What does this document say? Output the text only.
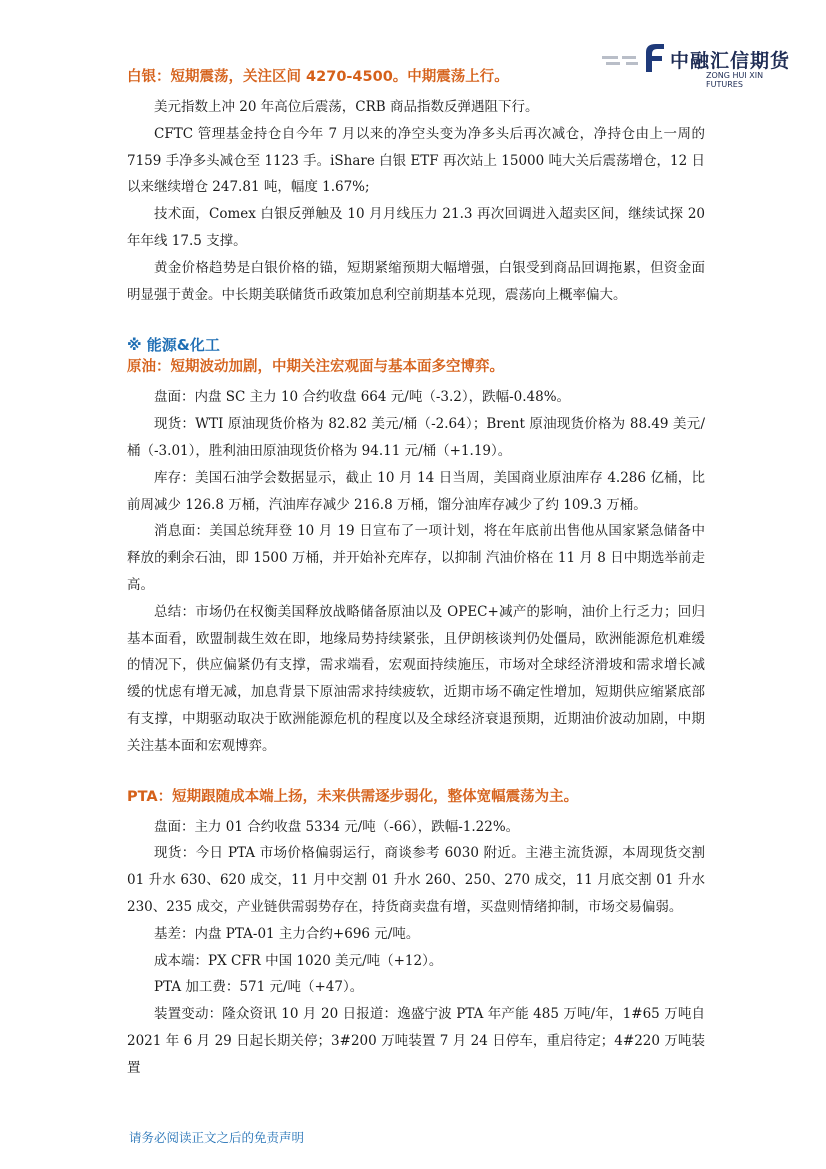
中融汇信期货
ZONG HUI XIN FUTURES
白银：短期震荡，关注区间 4270-4500。中期震荡上行。

美元指数上冲 20 年高位后震荡，CRB 商品指数反弹遇阻下行。

CFTC 管理基金持仓自今年 7 月以来的净空头变为净多头后再次减仓，净持仓由上一周的 7159 手净多头减仓至 1123 手。iShare 白银 ETF 再次站上 15000 吨大关后震荡增仓，12 日以来继续增仓 247.81 吨，幅度 1.67%;

技术面，Comex 白银反弹触及 10 月月线压力 21.3 再次回调进入超卖区间，继续试探 20 年年线 17.5 支撑。

黄金价格趋势是白银价格的锚，短期紧缩预期大幅增强，白银受到商品回调拖累，但资金面明显强于黄金。中长期美联储货币政策加息利空前期基本兑现，震荡向上概率偏大。

※ 能源&化工
原油：短期波动加剧，中期关注宏观面与基本面多空博弈。

盘面：内盘 SC 主力 10 合约收盘 664 元/吨（-3.2），跌幅-0.48%。

现货：WTI 原油现货价格为 82.82 美元/桶（-2.64）；Brent 原油现货价格为 88.49 美元/桶（-3.01），胜利油田原油现货价格为 94.11 元/桶（+1.19）。

库存：美国石油学会数据显示，截止 10 月 14 日当周，美国商业原油库存 4.286 亿桶，比前周减少 126.8 万桶，汽油库存减少 216.8 万桶，馏分油库存减少了约 109.3 万桶。

消息面：美国总统拜登 10 月 19 日宣布了一项计划，将在年底前出售他从国家紧急储备中释放的剩余石油，即 1500 万桶，并开始补充库存，以抑制 汽油价格在 11 月 8 日中期选举前走高。

总结：市场仍在权衡美国释放战略储备原油以及 OPEC+减产的影响，油价上行乏力；回归基本面看，欧盟制裁生效在即，地缘局势持续紧张，且伊朗核谈判仍处僵局，欧洲能源危机难缓的情况下，供应偏紧仍有支撑，需求端看，宏观面持续施压，市场对全球经济滑坡和需求增长减缓的忧虑有增无减，加息背景下原油需求持续疲软，近期市场不确定性增加，短期供应缩紧底部有支撑，中期驱动取决于欧洲能源危机的程度以及全球经济衰退预期，近期油价波动加剧，中期关注基本面和宏观博弈。

PTA：短期跟随成本端上扬，未来供需逐步弱化，整体宽幅震荡为主。

盘面：主力 01 合约收盘 5334 元/吨（-66），跌幅-1.22%。

现货：今日 PTA 市场价格偏弱运行，商谈参考 6030 附近。主港主流货源，本周现货交割 01 升水 630、620 成交，11 月中交割 01 升水 260、250、270 成交，11 月底交割 01 升水 230、235 成交，产业链供需弱势存在，持货商卖盘有增，买盘则情绪抑制，市场交易偏弱。

基差：内盘 PTA-01 主力合约+696 元/吨。

成本端：PX CFR 中国 1020 美元/吨（+12）。

PTA 加工费：571 元/吨（+47）。

装置变动：隆众资讯 10 月 20 日报道：逸盛宁波 PTA 年产能 485 万吨/年，1#65 万吨自 2021 年 6 月 29 日起长期关停；3#200 万吨装置 7 月 24 日停车，重启待定；4#220 万吨装置

请务必阅读正文之后的免责声明
